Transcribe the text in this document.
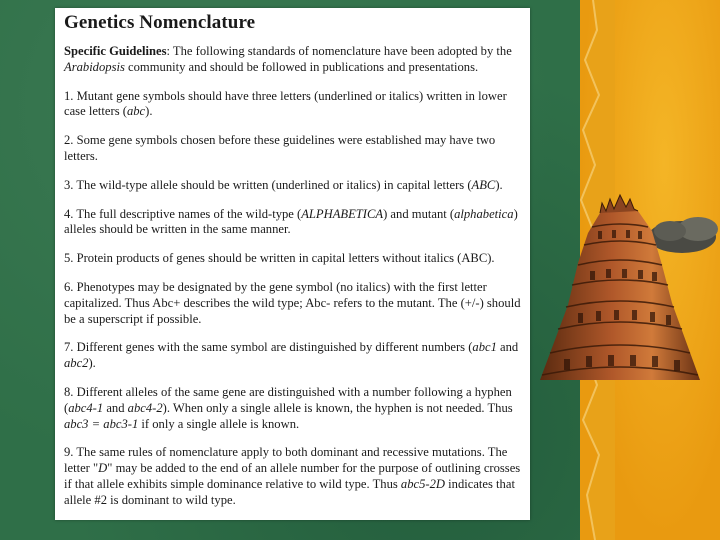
Genetics Nomenclature

Specific Guidelines: The following standards of nomenclature have been adopted by the Arabidopsis community and should be followed in publications and presentations.

1. Mutant gene symbols should have three letters (underlined or italics) written in lower case letters (abc).

2. Some gene symbols chosen before these guidelines were established may have two letters.

3. The wild-type allele should be written (underlined or italics) in capital letters (ABC).

4. The full descriptive names of the wild-type (ALPHABETICA) and mutant (alphabetica) alleles should be written in the same manner.

5. Protein products of genes should be written in capital letters without italics (ABC).

6. Phenotypes may be designated by the gene symbol (no italics) with the first letter capitalized. Thus Abc+ describes the wild type; Abc- refers to the mutant. The (+/-) should be a superscript if possible.

7. Different genes with the same symbol are distinguished by different numbers (abc1 and abc2).

8. Different alleles of the same gene are distinguished with a number following a hyphen (abc4-1 and abc4-2). When only a single allele is known, the hyphen is not needed. Thus abc3 = abc3-1 if only a single allele is known.

9. The same rules of nomenclature apply to both dominant and recessive mutations. The letter "D" may be added to the end of an allele number for the purpose of outlining crosses if that allele exhibits simple dominance relative to wild type. Thus abc5-2D indicates that allele #2 is dominant to wild type.
